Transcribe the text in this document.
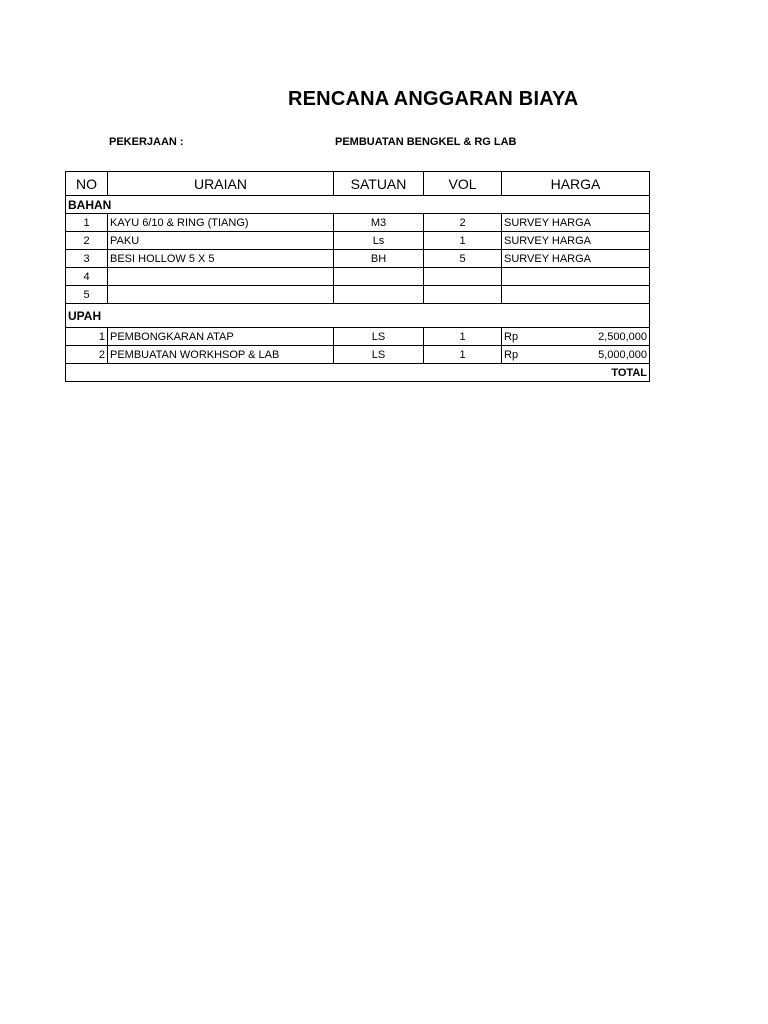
RENCANA ANGGARAN BIAYA
PEKERJAAN :	PEMBUATAN BENGKEL & RG LAB
NO	URAIAN	SATUAN	VOL	HARGA
BAHAN				
1	KAYU 6/10 & RING (TIANG)	M3	2	SURVEY HARGA
2	PAKU	Ls	1	SURVEY HARGA
3	BESI HOLLOW 5 X 5	BH	5	SURVEY HARGA
4				
5				
UPAH				
1	PEMBONGKARAN ATAP	LS	1	Rp 2,500,000

2	PEMBUATAN WORKHSOP & LAB	LS	1	Rp 5,000,000

TOTAL				
